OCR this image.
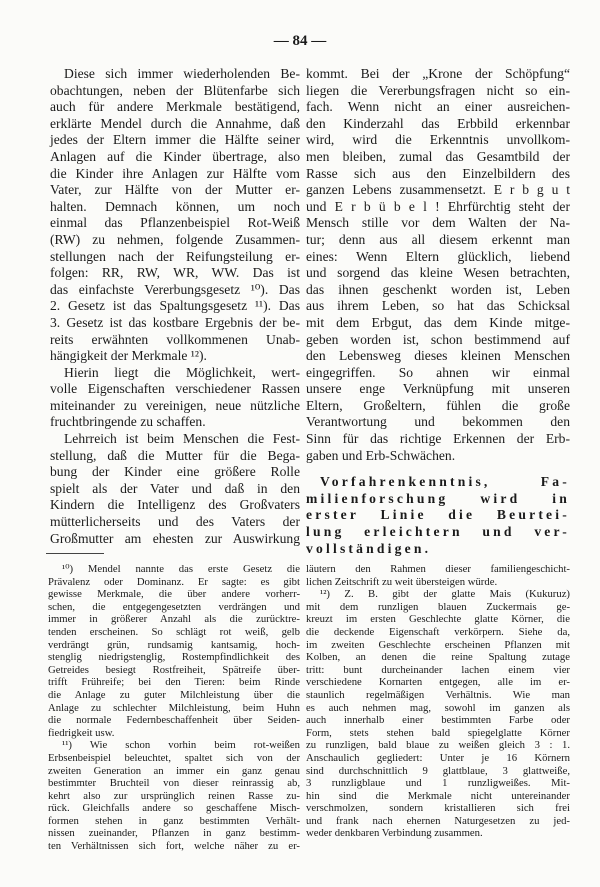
— 84 —
Diese sich immer wiederholenden Be-
obachtungen, neben der Blütenfarbe sich
auch für andere Merkmale bestätigend,
erklärte Mendel durch die Annahme, daß
jedes der Eltern immer die Hälfte seiner
Anlagen auf die Kinder übertrage, also
die Kinder ihre Anlagen zur Hälfte vom
Vater, zur Hälfte von der Mutter er-
halten. Demnach können, um noch
einmal das Pflanzenbeispiel Rot-Weiß
(RW) zu nehmen, folgende Zusammen-
stellungen nach der Reifungsteilung er-
folgen: RR, RW, WR, WW. Das ist
das einfachste Vererbungsgesetz ¹⁰). Das
2. Gesetz ist das Spaltungsgesetz ¹¹). Das
3. Gesetz ist das kostbare Ergebnis der be-
reits erwähnten vollkommenen Unab-
hängigkeit der Merkmale ¹²).
Hierin liegt die Möglichkeit, wert-
volle Eigenschaften verschiedener Rassen
miteinander zu vereinigen, neue nützliche
fruchtbringende zu schaffen.
Lehrreich ist beim Menschen die Fest-
stellung, daß die Mutter für die Bega-
bung der Kinder eine größere Rolle
spielt als der Vater und daß in den
Kindern die Intelligenz des Großvaters
mütterlicherseits und des Vaters der
Großmutter am ehesten zur Auswirkung
kommt. Bei der „Krone der Schöpfung“
liegen die Vererbungsfragen nicht so ein-
fach. Wenn nicht an einer ausreichen-
den Kinderzahl das Erbbild erkennbar
wird, wird die Erkenntnis unvollkom-
men bleiben, zumal das Gesamtbild der
Rasse sich aus den Einzelbildern des
ganzen Lebens zusammensetzt. E r b g u t
und E r b ü b e l ! Ehrfürchtig steht der
Mensch stille vor dem Walten der Na-
tur; denn aus all diesem erkennt man
eines: Wenn Eltern glücklich, liebend
und sorgend das kleine Wesen betrachten,
das ihnen geschenkt worden ist, Leben
aus ihrem Leben, so hat das Schicksal
mit dem Erbgut, das dem Kinde mitge-
geben worden ist, schon bestimmend auf
den Lebensweg dieses kleinen Menschen
eingegriffen. So ahnen wir einmal
unsere enge Verknüpfung mit unseren
Eltern, Großeltern, fühlen die große
Verantwortung und bekommen den
Sinn für das richtige Erkennen der Erb-
gaben und Erb-Schwächen.
Vorfahrenkenntnis, Fa-
milienforschung wird in
erster Linie die Beurtei-
lung erleichtern und ver-
vollständigen.
¹⁰) Mendel nannte das erste Gesetz die
Prävalenz oder Dominanz. Er sagte: es gibt
gewisse Merkmale, die über andere vorherr-
schen, die entgegengesetzten verdrängen und
immer in größerer Anzahl als die zurücktre-
tenden erscheinen. So schlägt rot weiß, gelb
verdrängt grün, rundsamig kantsamig, hoch-
stenglig niedrigstenglig, Rostempfindlichkeit des
Getreides besiegt Rostfreiheit, Spätreife über-
trifft Frühreife; bei den Tieren: beim Rinde
die Anlage zu guter Milchleistung über die
Anlage zu schlechter Milchleistung, beim Huhn
die normale Federnbeschaffenheit über Seiden-
fiedrigkeit usw.
¹¹) Wie schon vorhin beim rot-weißen
Erbsenbeispiel beleuchtet, spaltet sich von der
zweiten Generation an immer ein ganz genau
bestimmter Bruchteil von dieser reinrassig ab,
kehrt also zur ursprünglich reinen Rasse zu-
rück. Gleichfalls andere so geschaffene Misch-
formen stehen in ganz bestimmten Verhält-
nissen zueinander, Pflanzen in ganz bestimm-
ten Verhältnissen sich fort, welche näher zu er-
läutern den Rahmen dieser familiengeschicht-
lichen Zeitschrift zu weit übersteigen würde.
¹²) Z. B. gibt der glatte Mais (Kukuruz)
mit dem runzligen blauen Zuckermais ge-
kreuzt im ersten Geschlechte glatte Körner, die
die deckende Eigenschaft verkörpern. Siehe da,
im zweiten Geschlechte erscheinen Pflanzen mit
Kolben, an denen die reine Spaltung zutage
tritt: bunt durcheinander lachen einem vier
verschiedene Kornarten entgegen, alle im er-
staunlich regelmäßigen Verhältnis. Wie man
es auch nehmen mag, sowohl im ganzen als
auch innerhalb einer bestimmten Farbe oder
Form, stets stehen bald spiegelglatte Körner
zu runzligen, bald blaue zu weißen gleich 3 : 1.
Anschaulich gegliedert: Unter je 16 Körnern
sind durchschnittlich 9 glattblaue, 3 glattweiße,
3 runzligblaue und 1 runzligweißes. Mit-
hin sind die Merkmale nicht untereinander
verschmolzen, sondern kristallieren sich frei
und frank nach ehernen Naturgesetzen zu jed-
weder denkbaren Verbindung zusammen.
